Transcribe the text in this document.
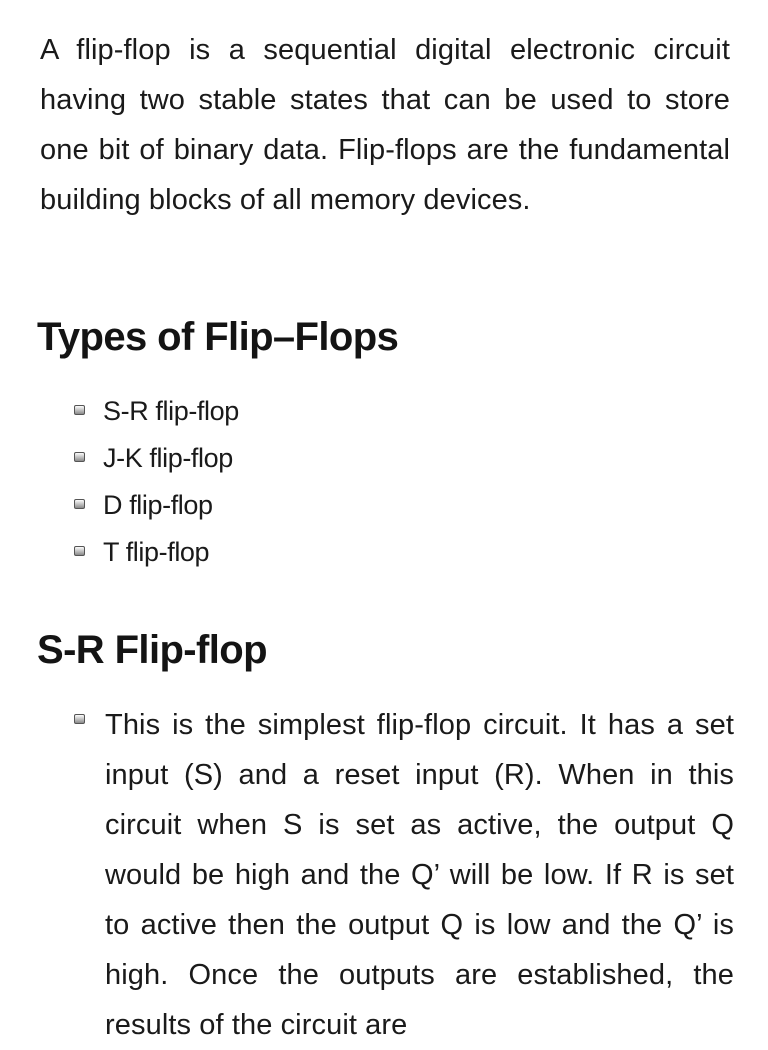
A flip-flop is a sequential digital electronic circuit having two stable states that can be used to store one bit of binary data. Flip-flops are the fundamental building blocks of all memory devices.

Types of Flip–Flops
S-R flip-flop
J-K flip-flop
D flip-flop
T flip-flop
S-R Flip-flop

This is the simplest flip-flop circuit. It has a set input (S) and a reset input (R). When in this circuit when S is set as active, the output Q would be high and the Q’ will be low. If R is set to active then the output Q is low and the Q’ is high. Once the outputs are established, the results of the circuit are
